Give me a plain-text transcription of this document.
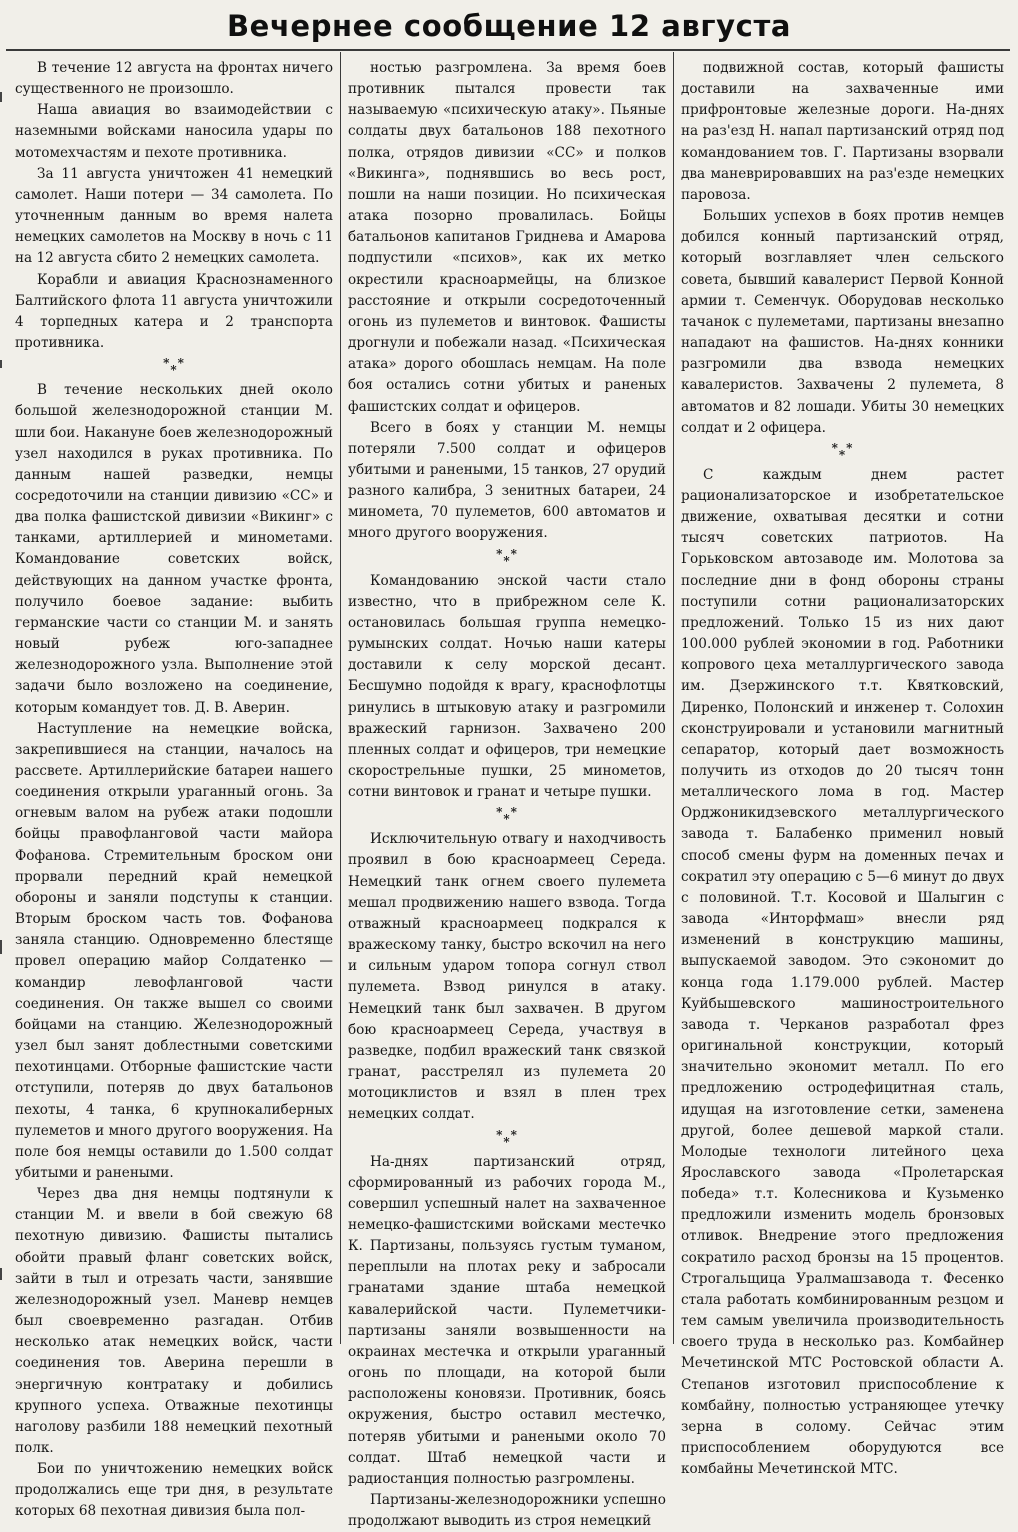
Вечернее сообщение 12 августа

В течение 12 августа на фронтах ничего существенного не произошло.

Наша авиация во взаимодействии с наземными войсками наносила удары по мотомехчастям и пехоте противника.

За 11 августа уничтожен 41 немецкий самолет. Наши потери — 34 самолета. По уточненным данным во время налета немецких самолетов на Москву в ночь с 11 на 12 августа сбито 2 немецких самолета.

Корабли и авиация Краснознаменного Балтийского флота 11 августа уничтожили 4 торпедных катера и 2 транспорта противника.

***

В течение нескольких дней около большой железнодорожной станции М. шли бои. Накануне боев железнодорожный узел находился в руках противника. По данным нашей разведки, немцы сосредоточили на станции дивизию «СС» и два полка фашистской дивизии «Викинг» с танками, артиллерией и минометами. Командование советских войск, действующих на данном участке фронта, получило боевое задание: выбить германские части со станции М. и занять новый рубеж юго-западнее железнодорожного узла. Выполнение этой задачи было возложено на соединение, которым командует тов. Д. В. Аверин.

Наступление на немецкие войска, закрепившиеся на станции, началось на рассвете. Артиллерийские батареи нашего соединения открыли ураганный огонь. За огневым валом на рубеж атаки подошли бойцы правофланговой части майора Фофанова. Стремительным броском они прорвали передний край немецкой обороны и заняли подступы к станции. Вторым броском часть тов. Фофанова заняла станцию. Одновременно блестяще провел операцию майор Солдатенко — командир левофланговой части соединения. Он также вышел со своими бойцами на станцию. Железнодорожный узел был занят доблестными советскими пехотинцами. Отборные фашистские части отступили, потеряв до двух батальонов пехоты, 4 танка, 6 крупнокалиберных пулеметов и много другого вооружения. На поле боя немцы оставили до 1.500 солдат убитыми и ранеными.

Через два дня немцы подтянули к станции М. и ввели в бой свежую 68 пехотную дивизию. Фашисты пытались обойти правый фланг советских войск, зайти в тыл и отрезать части, занявшие железнодорожный узел. Маневр немцев был своевременно разгадан. Отбив несколько атак немецких войск, части соединения тов. Аверина перешли в энергичную контратаку и добились крупного успеха. Отважные пехотинцы наголову разбили 188 немецкий пехотный полк.

Бои по уничтожению немецких войск продолжались еще три дня, в результате которых 68 пехотная дивизия была пол-

ностью разгромлена. За время боев противник пытался провести так называемую «психическую атаку». Пьяные солдаты двух батальонов 188 пехотного полка, отрядов дивизии «СС» и полков «Викинга», поднявшись во весь рост, пошли на наши позиции. Но психическая атака позорно провалилась. Бойцы батальонов капитанов Гриднева и Амарова подпустили «психов», как их метко окрестили красноармейцы, на близкое расстояние и открыли сосредоточенный огонь из пулеметов и винтовок. Фашисты дрогнули и побежали назад. «Психическая атака» дорого обошлась немцам. На поле боя остались сотни убитых и раненых фашистских солдат и офицеров.

Всего в боях у станции М. немцы потеряли 7.500 солдат и офицеров убитыми и ранеными, 15 танков, 27 орудий разного калибра, 3 зенитных батареи, 24 миномета, 70 пулеметов, 600 автоматов и много другого вооружения.

***

Командованию энской части стало известно, что в прибрежном селе К. остановилась большая группа немецко-румынских солдат. Ночью наши катеры доставили к селу морской десант. Бесшумно подойдя к врагу, краснофлотцы ринулись в штыковую атаку и разгромили вражеский гарнизон. Захвачено 200 пленных солдат и офицеров, три немецкие скорострельные пушки, 25 минометов, сотни винтовок и гранат и четыре пушки.

***

Исключительную отвагу и находчивость проявил в бою красноармеец Середа. Немецкий танк огнем своего пулемета мешал продвижению нашего взвода. Тогда отважный красноармеец подкрался к вражескому танку, быстро вскочил на него и сильным ударом топора согнул ствол пулемета. Взвод ринулся в атаку. Немецкий танк был захвачен. В другом бою красноармеец Середа, участвуя в разведке, подбил вражеский танк связкой гранат, расстрелял из пулемета 20 мотоциклистов и взял в плен трех немецких солдат.

***

На-днях партизанский отряд, сформированный из рабочих города М., совершил успешный налет на захваченное немецко-фашистскими войсками местечко К. Партизаны, пользуясь густым туманом, переплыли на плотах реку и забросали гранатами здание штаба немецкой кавалерийской части. Пулеметчики-партизаны заняли возвышенности на окраинах местечка и открыли ураганный огонь по площади, на которой были расположены коновязи. Противник, боясь окружения, быстро оставил местечко, потеряв убитыми и ранеными около 70 солдат. Штаб немецкой части и радиостанция полностью разгромлены.

Партизаны-железнодорожники успешно продолжают выводить из строя немецкий

подвижной состав, который фашисты доставили на захваченные ими прифронтовые железные дороги. На-днях на раз'езд Н. напал партизанский отряд под командованием тов. Г. Партизаны взорвали два маневрировавших на раз'езде немецких паровоза.

Больших успехов в боях против немцев добился конный партизанский отряд, который возглавляет член сельского совета, бывший кавалерист Первой Конной армии т. Семенчук. Оборудовав несколько тачанок с пулеметами, партизаны внезапно нападают на фашистов. На-днях конники разгромили два взвода немецких кавалеристов. Захвачены 2 пулемета, 8 автоматов и 82 лошади. Убиты 30 немецких солдат и 2 офицера.

***

С каждым днем растет рационализаторское и изобретательское движение, охватывая десятки и сотни тысяч советских патриотов. На Горьковском автозаводе им. Молотова за последние дни в фонд обороны страны поступили сотни рационализаторских предложений. Только 15 из них дают 100.000 рублей экономии в год. Работники копрового цеха металлургического завода им. Дзержинского т.т. Квятковский, Диренко, Полонский и инженер т. Солохин сконструировали и установили магнитный сепаратор, который дает возможность получить из отходов до 20 тысяч тонн металлического лома в год. Мастер Орджоникидзевского металлургического завода т. Балабенко применил новый способ смены фурм на доменных печах и сократил эту операцию с 5—6 минут до двух с половиной. Т.т. Косовой и Шалыгин с завода «Инторфмаш» внесли ряд изменений в конструкцию машины, выпускаемой заводом. Это сэкономит до конца года 1.179.000 рублей. Мастер Куйбышевского машиностроительного завода т. Черканов разработал фрез оригинальной конструкции, который значительно экономит металл. По его предложению остродефицитная сталь, идущая на изготовление сетки, заменена другой, более дешевой маркой стали. Молодые технологи литейного цеха Ярославского завода «Пролетарская победа» т.т. Колесникова и Кузьменко предложили изменить модель бронзовых отливок. Внедрение этого предложения сократило расход бронзы на 15 процентов. Строгальщица Уралмашзавода т. Фесенко стала работать комбинированным резцом и тем самым увеличила производительность своего труда в несколько раз. Комбайнер Мечетинской МТС Ростовской области А. Степанов изготовил приспособление к комбайну, полностью устраняющее утечку зерна в солому. Сейчас этим приспособлением оборудуются все комбайны Мечетинской МТС.
